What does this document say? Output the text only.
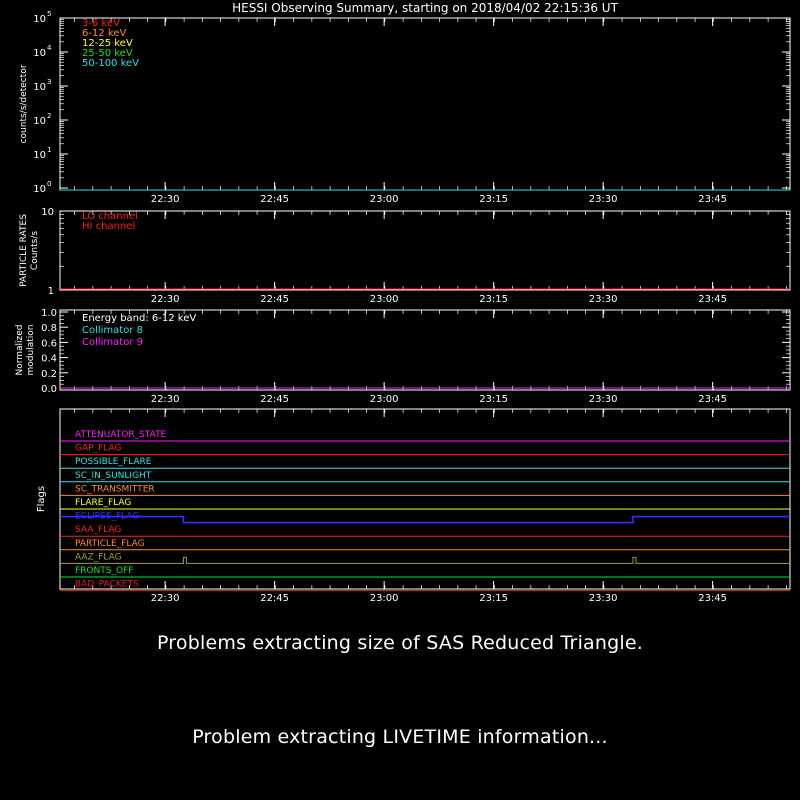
HESSI Observing Summary, starting on 2018/04/02 22:15:36 UT
22:30	22:45	23:00	23:15	23:30	23:45
10 0
10 1
10 2
10 3
10 4
10 5
counts/s/detector
3-6 keV
6-12 keV
12-25 keV
25-50 keV
50-100 keV
22:30	22:45	23:00	23:15	23:30	23:45
1
10
PARTICLE RATES Counts/s
LO channel
HI channel
22:30	22:45	23:00	23:15	23:30	23:45
0.0
0.2
0.4
0.6
0.8
1.0
Normalized modulation
Energy band: 6-12 keV
Collimator 8
Collimator 9
22:30	22:45	23:00	23:15	23:30	23:45
Flags
ATTENUATOR_STATE
GAP_FLAG
POSSIBLE_FLARE
SC_IN_SUNLIGHT
SC_TRANSMITTER
FLARE_FLAG
ECLIPSE_FLAG
SAA_FLAG
PARTICLE_FLAG
AAZ_FLAG
FRONTS_OFF
BAD_PACKETS
Problems extracting size of SAS Reduced Triangle.
Problem extracting LIVETIME information...
